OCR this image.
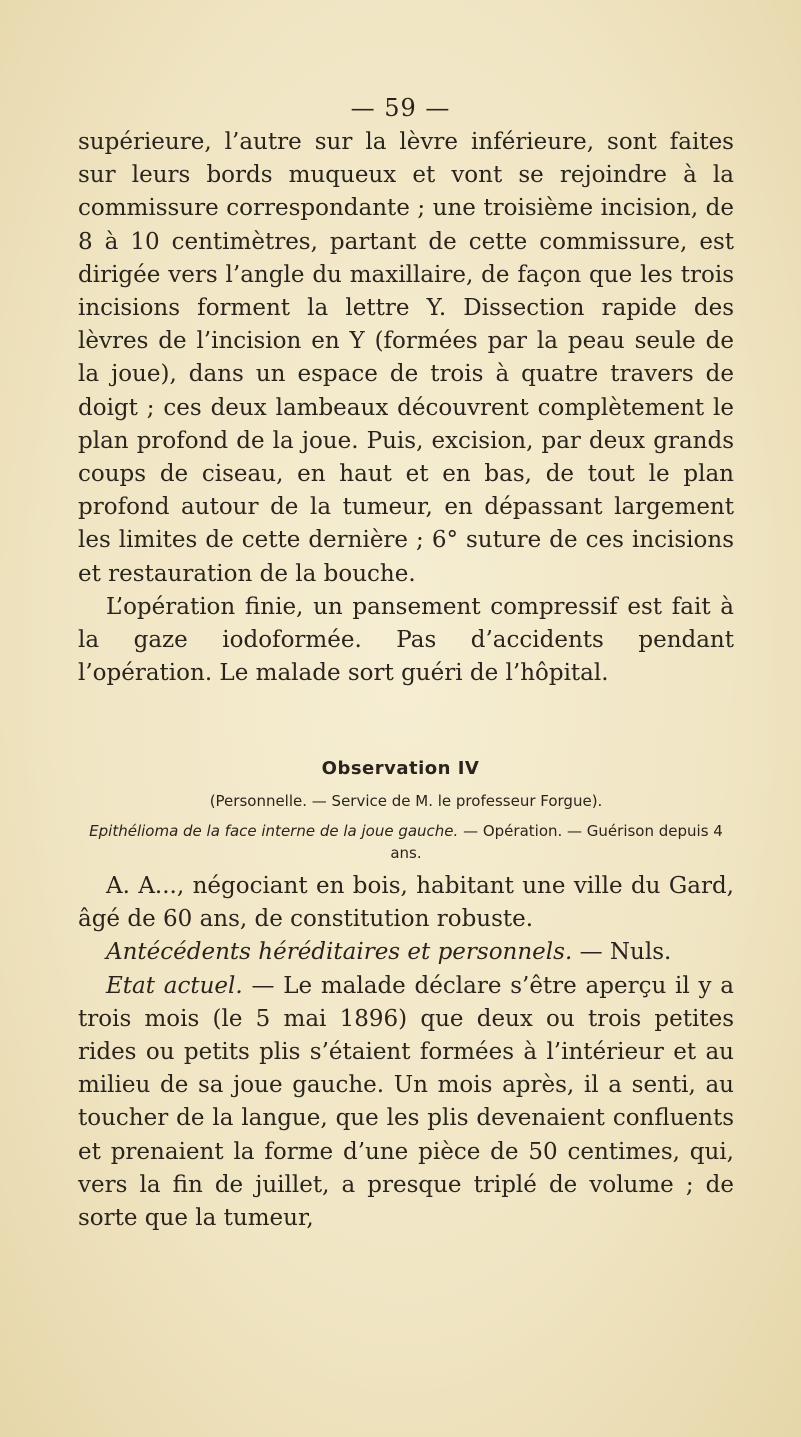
— 59 —

supérieure, l’autre sur la lèvre inférieure, sont faites sur leurs bords muqueux et vont se rejoindre à la commissure correspondante ; une troisième incision, de 8 à 10 centimètres, partant de cette commissure, est dirigée vers l’angle du maxillaire, de façon que les trois incisions forment la lettre Y. Dissection rapide des lèvres de l’incision en Y (formées par la peau seule de la joue), dans un espace de trois à quatre travers de doigt ; ces deux lambeaux découvrent complètement le plan profond de la joue. Puis, excision, par deux grands coups de ciseau, en haut et en bas, de tout le plan profond autour de la tumeur, en dépassant largement les limites de cette dernière ; 6° suture de ces incisions et restauration de la bouche.

L’opération finie, un pansement compressif est fait à la gaze iodoformée. Pas d’accidents pendant l’opération. Le malade sort guéri de l’hôpital.

Observation IV
(Personnelle. — Service de M. le professeur Forgue).
Epithélioma de la face interne de la joue gauche. — Opération. — Guérison depuis 4 ans.

A. A..., négociant en bois, habitant une ville du Gard, âgé de 60 ans, de constitution robuste.

Antécédents héréditaires et personnels. — Nuls.

Etat actuel. — Le malade déclare s’être aperçu il y a trois mois (le 5 mai 1896) que deux ou trois petites rides ou petits plis s’étaient formées à l’intérieur et au milieu de sa joue gauche. Un mois après, il a senti, au toucher de la langue, que les plis devenaient confluents et prenaient la forme d’une pièce de 50 centimes, qui, vers la fin de juillet, a presque triplé de volume ; de sorte que la tumeur,
